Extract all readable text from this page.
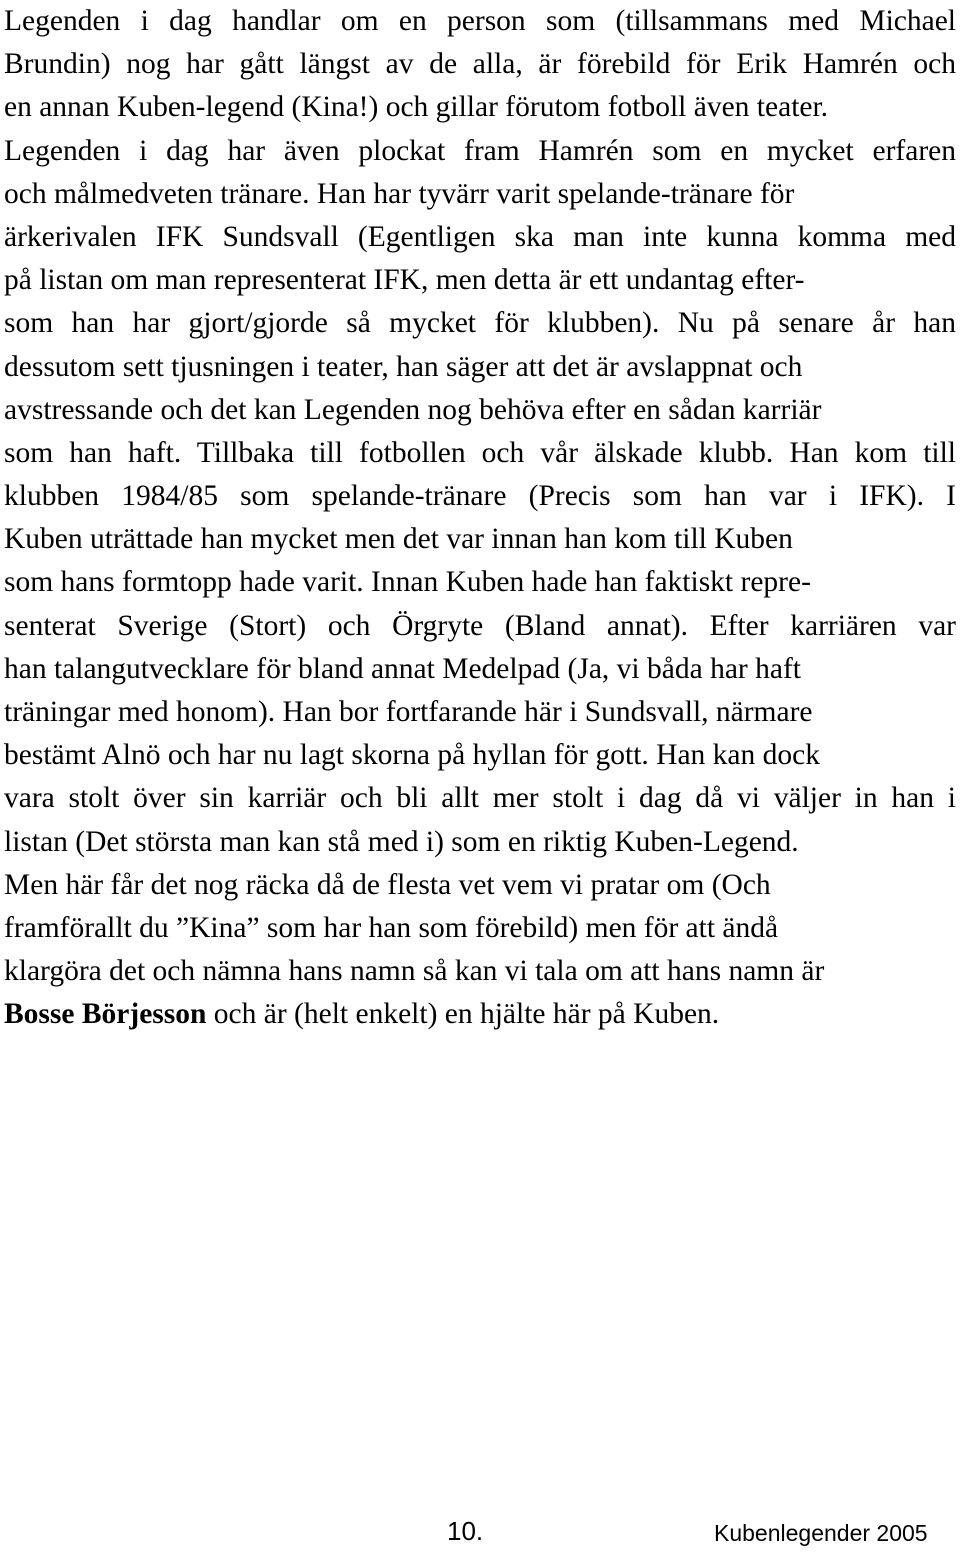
Legenden i dag handlar om en person som (tillsammans med Michael
Brundin) nog har gått längst av de alla, är förebild för Erik Hamrén och
en annan Kuben-legend (Kina!) och gillar förutom fotboll även teater.
Legenden i dag har även plockat fram Hamrén som en mycket erfaren
och målmedveten tränare. Han har tyvärr varit spelande-tränare för
ärkerivalen IFK Sundsvall (Egentligen ska man inte kunna komma med
på listan om man representerat IFK, men detta är ett undantag efter-
som han har gjort/gjorde så mycket för klubben). Nu på senare år han
dessutom sett tjusningen i teater, han säger att det är avslappnat och
avstressande och det kan Legenden nog behöva efter en sådan karriär
som han haft. Tillbaka till fotbollen och vår älskade klubb. Han kom till
klubben 1984/85 som spelande-tränare (Precis som han var i IFK). I
Kuben uträttade han mycket men det var innan han kom till Kuben
som hans formtopp hade varit. Innan Kuben hade han faktiskt repre-
senterat Sverige (Stort) och Örgryte (Bland annat). Efter karriären var
han talangutvecklare för bland annat Medelpad (Ja, vi båda har haft
träningar med honom). Han bor fortfarande här i Sundsvall, närmare
bestämt Alnö och har nu lagt skorna på hyllan för gott. Han kan dock
vara stolt över sin karriär och bli allt mer stolt i dag då vi väljer in han i
listan (Det största man kan stå med i) som en riktig Kuben-Legend.
Men här får det nog räcka då de flesta vet vem vi pratar om (Och
framförallt du ”Kina” som har han som förebild) men för att ändå
klargöra det och nämna hans namn så kan vi tala om att hans namn är
Bosse Börjesson och är (helt enkelt) en hjälte här på Kuben.
10.	Kubenlegender 2005
